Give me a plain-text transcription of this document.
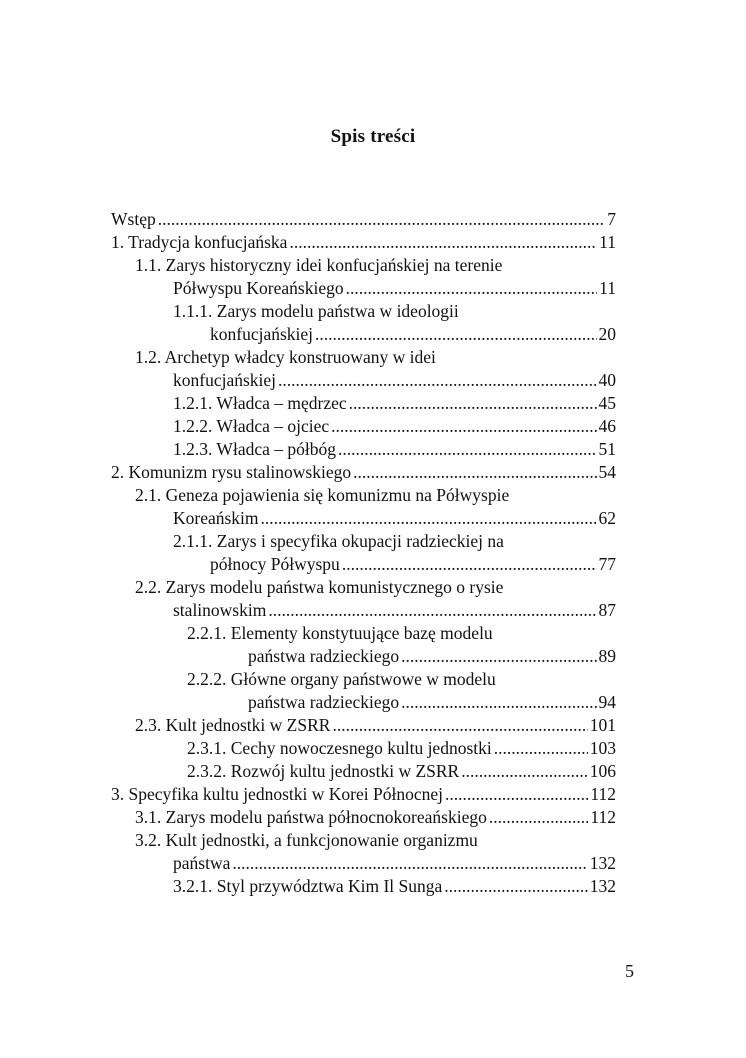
Spis treści
Wstęp .....	7
1. Tradycja konfucjańska .....	11
1.1. Zarys historyczny idei konfucjańskiej na terenie
Półwyspu Koreańskiego .....	11
1.1.1. Zarys modelu państwa w ideologii
konfucjańskiej .....	20
1.2. Archetyp władcy konstruowany w idei
konfucjańskiej .....	40
1.2.1. Władca – mędrzec .....	45
1.2.2. Władca – ojciec .....	46
1.2.3. Władca – półbóg .....	51
2. Komunizm rysu stalinowskiego .....	54
2.1. Geneza pojawienia się komunizmu na Półwyspie
Koreańskim .....	62
2.1.1. Zarys i specyfika okupacji radzieckiej na
północy Półwyspu .....	77
2.2. Zarys modelu państwa komunistycznego o rysie
stalinowskim .....	87
2.2.1. Elementy konstytuujące bazę modelu
państwa radzieckiego .....	89
2.2.2. Główne organy państwowe w modelu
państwa radzieckiego .....	94
2.3. Kult jednostki w ZSRR .....	101
2.3.1. Cechy nowoczesnego kultu jednostki .....	103
2.3.2. Rozwój kultu jednostki w ZSRR .....	106
3. Specyfika kultu jednostki w Korei Północnej .....	112
3.1. Zarys modelu państwa północnokoreańskiego .....	112
3.2. Kult jednostki, a funkcjonowanie organizmu
państwa .....	132
3.2.1. Styl przywództwa Kim Il Sunga .....	132
5
